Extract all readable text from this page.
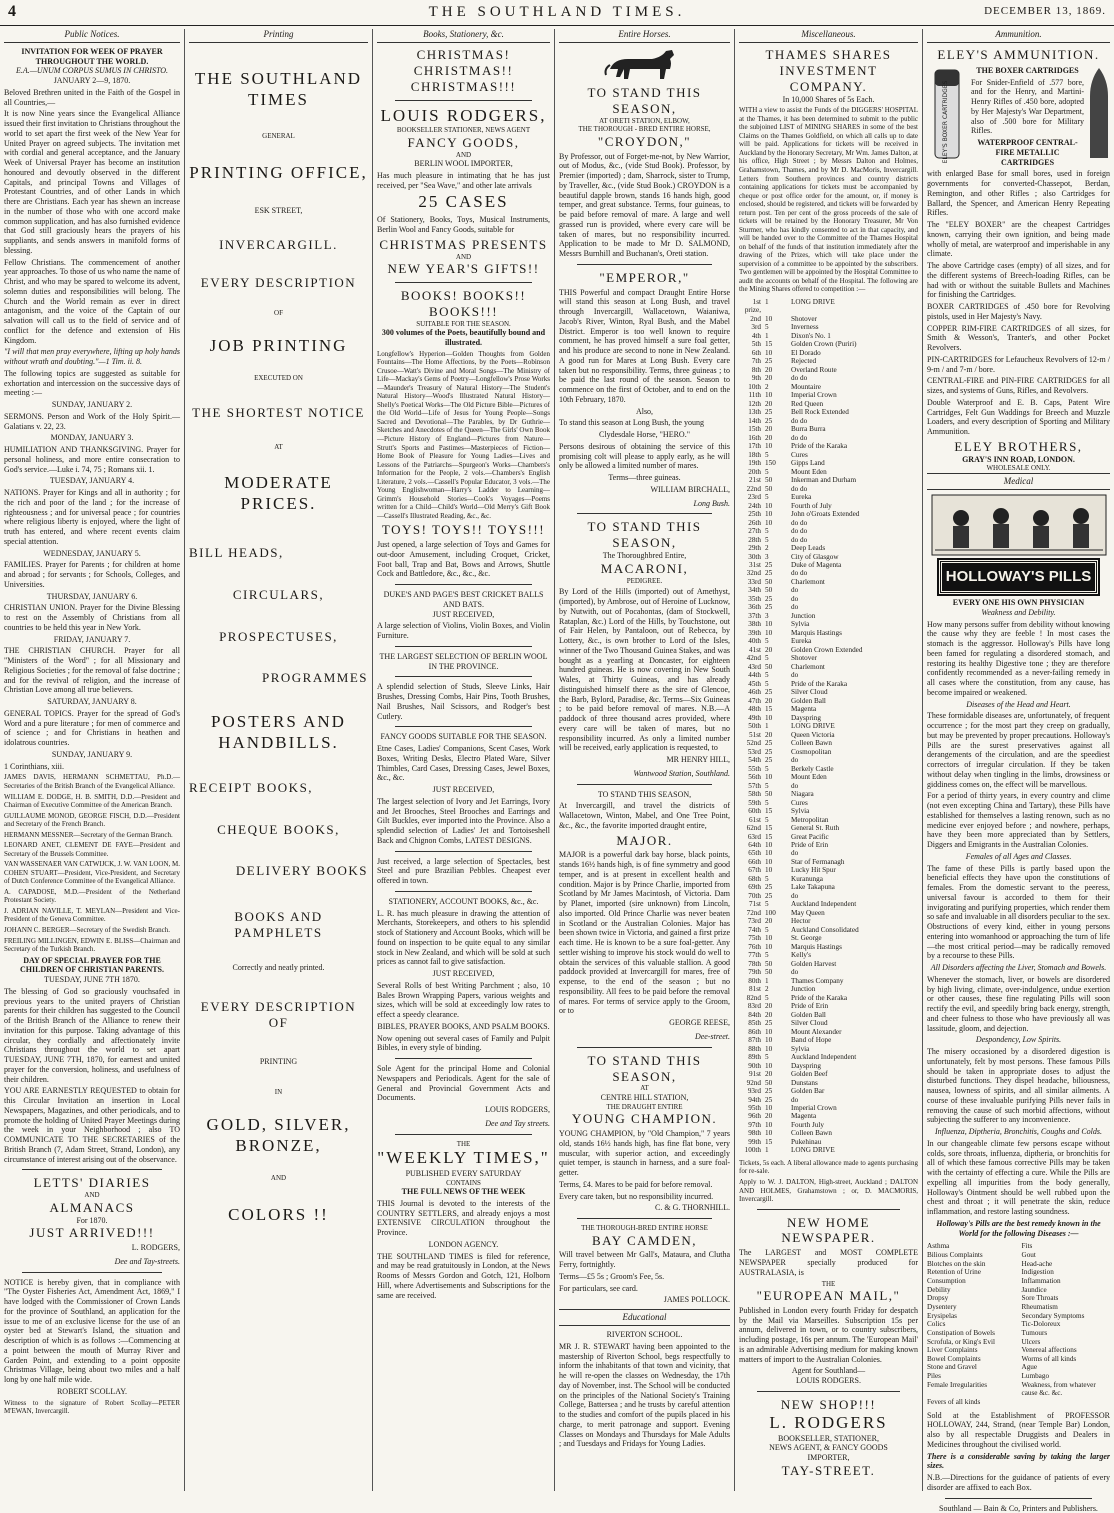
4	THE SOUTHLAND TIMES.	DECEMBER 13, 1869.
Public Notices.
INVITATION FOR WEEK OF PRAYER THROUGHOUT THE WORLD.
E.A.—UNUM CORPUS SUMUS IN CHRISTO.
JANUARY 2—9, 1870.
Beloved Brethren united in the Faith of the Gospel in all Countries,—
It is now Nine years since the Evangelical Alliance issued their first invitation to Christians throughout the world to set apart the first week of the New Year for United Prayer on agreed subjects. The invitation met with cordial and general acceptance, and the January Week of Universal Prayer has become an institution honoured and devoutly observed in the different Capitals, and principal Towns and Villages of Protestant Countries, and of other Lands in which there are Christians. Each year has shewn an increase in the number of those who with one accord make common supplication, and has also furnished evidence that God still graciously hears the prayers of his suppliants, and sends answers in manifold forms of blessing.
Fellow Christians. The commencement of another year approaches. To those of us who name the name of Christ, and who may be spared to welcome its advent, solemn duties and responsibilities will belong. The Church and the World remain as ever in direct antagonism, and the voice of the Captain of our salvation will call us to the field of service and of conflict for the defence and extension of His Kingdom.
"I will that men pray everywhere, lifting up holy hands without wrath and doubting."—1 Tim. ii. 8.
The following topics are suggested as suitable for exhortation and intercession on the successive days of meeting :—
SUNDAY, JANUARY 2.
SERMONS. Person and Work of the Holy Spirit.—Galatians v. 22, 23.
MONDAY, JANUARY 3.
HUMILIATION AND THANKSGIVING. Prayer for personal holiness, and more entire consecration to God's service.—Luke i. 74, 75 ; Romans xii. 1.
TUESDAY, JANUARY 4.
NATIONS. Prayer for Kings and all in authority ; for the rich and poor of the land ; for the increase of righteousness ; and for universal peace ; for countries where religious liberty is enjoyed, where the light of truth has entered, and where recent events claim special attention.
WEDNESDAY, JANUARY 5.
FAMILIES. Prayer for Parents ; for children at home and abroad ; for servants ; for Schools, Colleges, and Universities.
THURSDAY, JANUARY 6.
CHRISTIAN UNION. Prayer for the Divine Blessing to rest on the Assembly of Christians from all countries to be held this year in New York.
FRIDAY, JANUARY 7.
THE CHRISTIAN CHURCH. Prayer for all "Ministers of the Word" ; for all Missionary and Religious Societies ; for the removal of false doctrine ; and for the revival of religion, and the increase of Christian Love among all true believers.
SATURDAY, JANUARY 8.
GENERAL TOPICS. Prayer for the spread of God's Word and a pure literature ; for men of commerce and of science ; and for Christians in heathen and idolatrous countries.
SUNDAY, JANUARY 9.
1 Corinthians, xiii.
JAMES DAVIS, HERMANN SCHMETTAU, Ph.D.—Secretaries of the British Branch of the Evangelical Alliance.
WILLIAM E. DODGE, H. B. SMITH, D.D.—President and Chairman of Executive Committee of the American Branch.
GUILLAUME MONOD, GEORGE FISCH, D.D.—President and Secretary of the French Branch.
HERMANN MESSNER—Secretary of the German Branch.
LEONARD ANET, CLEMENT DE FAYE—President and Secretary of the Brussels Committee.
VAN WASSENAER VAN CATWIJCK, J. W. VAN LOON, M. COHEN STUART—President, Vice-President, and Secretary of Dutch Conference Committee of the Evangelical Alliance.
A. CAPADOSE, M.D.—President of the Netherland Protestant Society.
J. ADRIAN NAVILLE, T. MEYLAN—President and Vice-President of the Geneva Committee.
JOHANN C. BERGER—Secretary of the Swedish Branch.
FREILING MILLINGEN, EDWIN E. BLISS—Chairman and Secretary of the Turkish Branch.
DAY OF SPECIAL PRAYER FOR THE CHILDREN OF CHRISTIAN PARENTS.
TUESDAY, JUNE 7TH 1870.
The blessing of God so graciously vouchsafed in previous years to the united prayers of Christian parents for their children has suggested to the Council of the British Branch of the Alliance to renew their invitation for this purpose. Taking advantage of this circular, they cordially and affectionately invite Christians throughout the world to set apart TUESDAY, JUNE 7TH, 1870, for earnest and united prayer for the conversion, holiness, and usefulness of their children.
YOU ARE EARNESTLY REQUESTED to obtain for this Circular Invitation an insertion in Local Newspapers, Magazines, and other periodicals, and to promote the holding of United Prayer Meetings during the week in your Neighborhood ; also TO COMMUNICATE TO THE SECRETARIES of the British Branch (7, Adam Street, Strand, London), any circumstance of interest arising out of the observance.
LETTS' DIARIES
AND
ALMANACS
For 1870.
JUST ARRIVED!!!
L. RODGERS,
Dee and Tay-streets.
NOTICE is hereby given, that in compliance with "The Oyster Fisheries Act, Amendment Act, 1869," I have lodged with the Commissioner of Crown Lands for the province of Southland, an application for the issue to me of an exclusive license for the use of an oyster bed at Stewart's Island, the situation and description of which is as follows :—Commencing at a point between the mouth of Murray River and Garden Point, and extending to a point opposite Christmas Village, being about two miles and a half long by one half mile wide.
ROBERT SCOLLAY.
Witness to the signature of Robert Scollay—PETER M'EWAN, Invercargill.
Printing
THE SOUTHLAND TIMES
GENERAL
PRINTING OFFICE,
ESK STREET,
INVERCARGILL.
EVERY DESCRIPTION
OF
JOB PRINTING
EXECUTED ON
THE SHORTEST NOTICE
AT
MODERATE PRICES.
BILL HEADS,
CIRCULARS,
PROSPECTUSES,
PROGRAMMES
POSTERS AND HANDBILLS.
RECEIPT BOOKS,
CHEQUE BOOKS,
DELIVERY BOOKS
BOOKS AND PAMPHLETS
Correctly and neatly printed.
EVERY DESCRIPTION OF
PRINTING
IN
GOLD, SILVER, BRONZE,
AND
COLORS !!
Books, Stationery, &c.
CHRISTMAS! CHRISTMAS!! CHRISTMAS!!!
LOUIS RODGERS,
BOOKSELLER STATIONER, NEWS AGENT
FANCY GOODS,
AND
BERLIN WOOL IMPORTER,
Has much pleasure in intimating that he has just received, per "Sea Wave," and other late arrivals
25 CASES
Of Stationery, Books, Toys, Musical Instruments, Berlin Wool and Fancy Goods, suitable for
CHRISTMAS PRESENTS
AND
NEW YEAR'S GIFTS!!
BOOKS! BOOKS!! BOOKS!!!
SUITABLE FOR THE SEASON.
300 volumes of the Poets, beautifully bound and illustrated.
Longfellow's Hyperion—Golden Thoughts from Golden Fountains—The Home Affections, by the Poets—Robinson Crusoe—Watt's Divine and Moral Songs—The Ministry of Life—Mackay's Gems of Poetry—Longfellow's Prose Works—Maunder's Treasury of Natural History—The Student's Natural History—Wood's Illustrated Natural History—Shelly's Poetical Works—The Old Picture Bible—Pictures of the Old World—Life of Jesus for Young People—Songs Sacred and Devotional—The Parables, by Dr Guthrie—Sketches and Anecdotes of the Queen—The Girls' Own Book—Picture History of England—Pictures from Nature—Strutt's Sports and Pastimes—Masterpieces of Fiction—Home Book of Pleasure for Young Ladies—Lives and Lessons of the Patriarchs—Spurgeon's Works—Chambers's Information for the People, 2 vols.—Chambers's English Literature, 2 vols.—Cassell's Popular Educator, 3 vols.—The Young Englishwoman—Harry's Ladder to Learning—Grimm's Household Stories—Cook's Voyages—Poems written for a Child—Child's World—Old Merry's Gift Book—Cassell's Illustrated Reading, &c., &c.
TOYS! TOYS!! TOYS!!!
Just opened, a large selection of Toys and Games for out-door Amusement, including Croquet, Cricket, Foot ball, Trap and Bat, Bows and Arrows, Shuttle Cock and Battledore, &c., &c., &c.
DUKE'S AND PAGE'S BEST CRICKET BALLS AND BATS.
JUST RECEIVED,
A large selection of Violins, Violin Boxes, and Violin Furniture.
THE LARGEST SELECTION OF BERLIN WOOL IN THE PROVINCE.
A splendid selection of Studs, Sleeve Links, Hair Brushes, Dressing Combs, Hair Pins, Tooth Brushes, Nail Brushes, Nail Scissors, and Rodger's best Cutlery.
FANCY GOODS SUITABLE FOR THE SEASON.
Etne Cases, Ladies' Companions, Scent Cases, Work Boxes, Writing Desks, Electro Plated Ware, Silver Thimbles, Card Cases, Dressing Cases, Jewel Boxes, &c., &c.
JUST RECEIVED,
The largest selection of Ivory and Jet Earrings, Ivory and Jet Brooches, Steel Brooches and Earrings and Gilt Buckles, ever imported into the Province. Also a splendid selection of Ladies' Jet and Tortoiseshell Back and Chignon Combs, LATEST DESIGNS.
Just received, a large selection of Spectacles, best Steel and pure Brazilian Pebbles. Cheapest ever offered in town.
STATIONERY, ACCOUNT BOOKS, &c., &c.
L. R. has much pleasure in drawing the attention of Merchants, Storekeepers, and others to his splendid stock of Stationery and Account Books, which will be found on inspection to be quite equal to any similar stock in New Zealand, and which will be sold at such prices as cannot fail to give satisfaction.
JUST RECEIVED,
Several Rolls of best Writing Parchment ; also, 10 Bales Brown Wrapping Papers, various weights and sizes, which will be sold at exceedingly low rates to effect a speedy clearance.
BIBLES, PRAYER BOOKS, AND PSALM BOOKS.
Now opening out several cases of Family and Pulpit Bibles, in every style of binding.
Sole Agent for the principal Home and Colonial Newspapers and Periodicals. Agent for the sale of General and Provincial Government Acts and Documents.
LOUIS RODGERS,
Dee and Tay streets.
THE
"WEEKLY TIMES,"
PUBLISHED EVERY SATURDAY
CONTAINS
THE FULL NEWS OF THE WEEK
THIS Journal is devoted to the interests of the COUNTRY SETTLERS, and already enjoys a most EXTENSIVE CIRCULATION throughout the Province.
LONDON AGENCY.
THE SOUTHLAND TIMES is filed for reference, and may be read gratuitously in London, at the News Rooms of Messrs Gordon and Gotch, 121, Holborn Hill, where Advertisements and Subscriptions for the same are received.
Entire Horses.
TO STAND THIS SEASON,
AT ORETI STATION, ELBOW,
THE THOROUGH - BRED ENTIRE HORSE,
"CROYDON,"
By Professor, out of Forget-me-not, by New Warrior, out of Modus, &c., (vide Stud Book). Professor, by Premier (imported) ; dam, Sharrock, sister to Trump, by Traveller, &c., (vide Stud Book.) CROYDON is a beautiful dapple brown, stands 16 hands high, good temper, and great substance. Terms, four guineas, to be paid before removal of mare. A large and well grassed run is provided, where every care will be taken of mares, but no responsibility incurred. Application to be made to Mr D. SALMOND, Messrs Burnhill and Buchanan's, Oreti station.
"EMPEROR,"
THIS Powerful and compact Draught Entire Horse will stand this season at Long Bush, and travel through Invercargill, Wallacetown, Waianiwa, Jacob's River, Winton, Ryal Bush, and the Mabel District. Emperor is too well known to require comment, he has proved himself a sure foal getter, and his produce are second to none in New Zealand. A good run for Mares at Long Bush. Every care taken but no responsibility. Terms, three guineas ; to be paid the last round of the season. Season to commence on the first of October, and to end on the 10th February, 1870.
Also,
To stand this season at Long Bush, the young
Clydesdale Horse, "HERO."
Persons desirous of obtaining the service of this promising colt will please to apply early, as he will only be allowed a limited number of mares.
Terms—three guineas.
WILLIAM BIRCHALL,
Long Bush.
TO STAND THIS SEASON,
The Thoroughbred Entire,
MACARONI,
PEDIGREE.
By Lord of the Hills (imported) out of Amethyst, (imported), by Ambrose, out of Heroine of Lucknow, by Nutwith, out of Pocahontas, (dam of Stockwell, Rataplan, &c.) Lord of the Hills, by Touchstone, out of Fair Helen, by Pantaloon, out of Rebecca, by Lottery, &c., is own brother to Lord of the Isles, winner of the Two Thousand Guinea Stakes, and was bought as a yearling at Doncaster, for eighteen hundred guineas. He is now covering in New South Wales, at Thirty Guineas, and has already distinguished himself there as the sire of Glencoe, the Barb, Bylord, Paradise, &c. Terms—Six Guineas ; to be paid before removal of mares. N.B.—A paddock of three thousand acres provided, where every care will be taken of mares, but no responsibility incurred. As only a limited number will be received, early application is requested, to
MR HENRY HILL,
Wantwood Station, Southland.
TO STAND THIS SEASON,
At Invercargill, and travel the districts of Wallacetown, Winton, Mabel, and One Tree Point, &c., &c., the favorite imported draught entire,
MAJOR.
MAJOR is a powerful dark bay horse, black points, stands 16½ hands high, is of fine symmetry and good temper, and is at present in excellent health and condition. Major is by Prince Charlie, imported from Scotland by Mr James Macintosh, of Victoria. Dam by Planet, imported (sire unknown) from Lincoln, also imported. Old Prince Charlie was never beaten in Scotland or the Australian Colonies. Major has been shown twice in Victoria, and gained a first prize each time. He is known to be a sure foal-getter. Any settler wishing to improve his stock would do well to obtain the services of this valuable stallion. A good paddock provided at Invercargill for mares, free of expense, to the end of the season ; but no responsibility. All fees to be paid before the removal of mares. For terms of service apply to the Groom, or to
GEORGE REESE,
Dee-street.
TO STAND THIS SEASON,
AT
CENTRE HILL STATION,
THE DRAUGHT ENTIRE
YOUNG CHAMPION.
YOUNG CHAMPION, by "Old Champion," 7 years old, stands 16½ hands high, has fine flat bone, very muscular, with superior action, and exceedingly quiet temper, is staunch in harness, and a sure foal-getter.
Terms, £4. Mares to be paid for before removal.
Every care taken, but no responsibility incurred.
C. & G. THORNHILL.
THE THOROUGH-BRED ENTIRE HORSE
BAY CAMDEN,
Will travel between Mr Gall's, Mataura, and Clutha Ferry, fortnightly.
Terms—£5 5s ; Groom's Fee, 5s.
For particulars, see card.
JAMES POLLOCK.
Educational
RIVERTON SCHOOL.
MR J. R. STEWART having been appointed to the mastership of Riverton School, begs respectfully to inform the inhabitants of that town and vicinity, that he will re-open the classes on Wednesday, the 17th day of November, inst. The School will be conducted on the principles of the National Society's Training College, Battersea ; and he trusts by careful attention to the studies and comfort of the pupils placed in his charge, to merit patronage and support. Evening Classes on Mondays and Thursdays for Male Adults ; and Tuesdays and Fridays for Young Ladies.
Miscellaneous.
THAMES SHARES INVESTMENT COMPANY.
In 10,000 Shares of 5s Each.
WITH a view to assist the Funds of the DIGGERS' HOSPITAL at the Thames, it has been determined to submit to the public the subjoined LIST of MINING SHARES in some of the best Claims on the Thames Goldfield, on which all calls up to date will be paid. Applications for tickets will be received in Auckland by the Honorary Secretary, Mr Wm. James Dalton, at his office, High Street ; by Messrs Dalton and Holmes, Grahamstown, Thames, and by Mr D. MacMoris, Invercargill. Letters from Southern provinces and country districts containing applications for tickets must be accompanied by cheque or post office order for the amount, or, if money is enclosed, should be registered, and tickets will be forwarded by return post. Ten per cent of the gross proceeds of the sale of tickets will be retained by the Honorary Treasurer, Mr Von Sturmer, who has kindly consented to act in that capacity, and will be handed over to the Committee of the Thames Hospital on behalf of the funds of that institution immediately after the drawing of the Prizes, which will take place under the supervision of a committee to be appointed by the subscribers. Two gentlemen will be appointed by the Hospital Committee to audit the accounts on behalf of the Hospital. The following are the Mining Shares offered to competition :—
1st prize,
1	LONG DRIVE
2nd 10	Shotover
3rd 5	Inverness
4th 1	Dixon's No. 1
5th 15	Golden Crown (Puriri)
6th 10	El Dorado
7th 25	Rejected
8th 20	Overland Route
9th 20	do do
10th 2	Mountaire
11th 10	Imperial Crown
12th 20	Red Queen
13th 25	Bell Rock Extended
14th 25	do do
15th 20	Burra Burra
16th 20	do do
17th 10	Pride of the Karaka
18th 5	Cures
19th 150	Gipps Land
20th 5	Mount Eden
21st 50	Inkerman and Durham
22nd 50	do do
23rd 5	Eureka
24th 10	Fourth of July
25th 10	John o'Groats Extended
26th 10	do do
27th 5	do do
28th 5	do do
29th 2	Deep Leads
30th 3	City of Glasgow
31st 25	Duke of Magenta
32nd 25	do do
33rd 50	Charlemont
34th 50	do
35th 25	do
36th 25	do
37th 3	Junction
38th 10	Sylvia
39th 10	Marquis Hastings
40th 5	Eureka
41st 20	Golden Crown Extended
42nd 5	Shotover
43rd 50	Charlemont
44th 5	do
45th 5	Pride of the Karaka
46th 25	Silver Cloud
47th 20	Golden Ball
48th 15	Magenta
49th 10	Dayspring
50th 1	LONG DRIVE
51st 20	Queen Victoria
52nd 25	Colleen Bawn
53rd 25	Cosmopolitan
54th 25	do
55th 5	Berkely Castle
56th 10	Mount Eden
57th 5	do
58th 50	Niagara
59th 5	Cures
60th 15	Sylvia
61st 5	Metropolitan
62nd 15	General St. Ruth
63rd 15	Great Pacific
64th 10	Pride of Erin
65th 10	do
66th 10	Star of Fermanagh
67th 10	Lucky Hit Spur
68th 5	Kuranunga
69th 25	Lake Takapuna
70th 25	do
71st 5	Auckland Independent
72nd 100	May Queen
73rd 20	Hector
74th 5	Auckland Consolidated
75th 10	St. George
76th 10	Marquis Hastings
77th 5	Kelly's
78th 50	Golden Harvest
79th 50	do
80th 1	Thames Company
81st 2	Junction
82nd 5	Pride of the Karaka
83rd 20	Pride of Erin
84th 20	Golden Ball
85th 25	Silver Cloud
86th 10	Mount Alexander
87th 10	Band of Hope
88th 10	Sylvia
89th 5	Auckland Independent
90th 10	Dayspring
91st 20	Golden Beef
92nd 50	Dunstans
93rd 25	Golden Bar
94th 25	do
95th 10	Imperial Crown
96th 20	Magenta
97th 10	Fourth July
98th 10	Colleen Bawn
99th 15	Pukehinau
100th 1	LONG DRIVE
Tickets, 5s each. A liberal allowance made to agents purchasing for re-sale.
Apply to W. J. DALTON, High-street, Auckland ; DALTON AND HOLMES, Grahamstown ; or, D. MACMORIS, Invercargill.
NEW HOME NEWSPAPER.
The LARGEST and MOST COMPLETE NEWSPAPER specially produced for AUSTRALASIA, is
THE
"EUROPEAN MAIL,"
Published in London every fourth Friday for despatch by the Mail via Marseilles. Subscription 15s per annum, delivered in town, or to country subscribers, including postage, 16s per annum. The 'European Mail' is an admirable Advertising medium for making known matters of import to the Australian Colonies.
Agent for Southland—
LOUIS RODGERS.
NEW SHOP!!!
L. RODGERS
BOOKSELLER, STATIONER,
NEWS AGENT, & FANCY GOODS
IMPORTER,
TAY-STREET.
Ammunition.
ELEY'S AMMUNITION.
ELEY'S BOXER CARTRIDGES
THE BOXER CARTRIDGES
For Snider-Enfield of .577 bore, and for the Henry, and Martini-Henry Rifles of .450 bore, adopted by Her Majesty's War Department, also of .500 bore for Military Rifles.
WATERPROOF CENTRAL-FIRE METALLIC CARTRIDGES
with enlarged Base for small bores, used in foreign governments for converted-Chassepot, Berdan, Remington, and other Rifles ; also Cartridges for Ballard, the Spencer, and American Henry Repeating Rifles.
The "ELEY BOXER" are the cheapest Cartridges known, carrying their own ignition, and being made wholly of metal, are waterproof and imperishable in any climate.
The above Cartridge cases (empty) of all sizes, and for the different systems of Breech-loading Rifles, can be had with or without the suitable Bullets and Machines for finishing the Cartridges.
BOXER CARTRIDGES of .450 bore for Revolving pistols, used in Her Majesty's Navy.
COPPER RIM-FIRE CARTRIDGES of all sizes, for Smith & Wesson's, Tranter's, and other Pocket Revolvers.
PIN-CARTRIDGES for Lefaucheux Revolvers of 12-m / 9-m / and 7-m / bore.
CENTRAL-FIRE and PIN-FIRE CARTRIDGES for all sizes, and systems of Guns, Rifles, and Revolvers.
Double Waterproof and E. B. Caps, Patent Wire Cartridges, Felt Gun Waddings for Breech and Muzzle Loaders, and every description of Sporting and Military Ammunition.
ELEY BROTHERS,
GRAY'S INN ROAD, LONDON.
WHOLESALE ONLY.
Medical
HOLLOWAY'S PILLS
EVERY ONE HIS OWN PHYSICIAN
Weakness and Debility.
How many persons suffer from debility without knowing the cause why they are feeble ! In most cases the stomach is the aggressor. Holloway's Pills have long been famed for regulating a disordered stomach, and restoring its healthy Digestive tone ; they are therefore confidently recommended as a never-failing remedy in all cases where the constitution, from any cause, has become impaired or weakened.
Diseases of the Head and Heart.
These formidable diseases are, unfortunately, of frequent occurrence ; for the most part they creep on gradually, but may be prevented by proper precautions. Holloway's Pills are the surest preservatives against all derangements of the circulation, and are the speediest correctors of irregular circulation. If they be taken without delay when tingling in the limbs, drowsiness or giddiness comes on, the effect will be marvellous.
For a period of thirty years, in every country and clime (not even excepting China and Tartary), these Pills have established for themselves a lasting renown, such as no medicine ever enjoyed before ; and nowhere, perhaps, have they been more appreciated than by Settlers, Diggers and Emigrants in the Australian Colonies.
Females of all Ages and Classes.
The fame of these Pills is partly based upon the beneficial effects they have upon the constitutions of females. From the domestic servant to the peeress, universal favour is accorded to them for their invigorating and purifying properties, which render them so safe and invaluable in all disorders peculiar to the sex. Obstructions of every kind, either in young persons entering into womanhood or approaching the turn of life —the most critical period—may be radically removed by a recourse to these Pills.
All Disorders affecting the Liver, Stomach and Bowels.
Whenever the stomach, liver, or bowels are disordered by high living, climate, over-indulgence, undue exertion or other causes, these fine regulating Pills will soon rectify the evil, and speedily bring back energy, strength, and cheer fulness to those who have previously all was lassitude, gloom, and dejection.
Despondency, Low Spirits.
The misery occasioned by a disordered digestion is unfortunately, felt by most persons. These famous Pills should be taken in appropriate doses to adjust the disturbed functions. They dispel headache, biliousness, nausea, lowness of spirits, and all similar ailments. A course of these invaluable purifying Pills never fails in removing the cause of such morbid affections, without subjecting the sufferer to any inconvenience.
Influenza, Diptheria, Bronchitis, Coughs and Colds.
In our changeable climate few persons escape without colds, sore throats, influenza, diptheria, or bronchitis for all of which these famous corrective Pills may be taken with the certainty of effecting a cure. While the Pills are expelling all impurities from the body generally, Holloway's Ointment should be well rubbed upon the chest and throat ; it will penetrate the skin, reduce inflammation, and restore lasting soundness.
Holloway's Pills are the best remedy known in the World for the following Diseases :—
Asthma	Fits
Bilious Complaints	Gout
Blotches on the skin	Head-ache
Retention of Urine	Indigestion
Consumption	Inflammation
Debility	Jaundice
Dropsy	Sore Throats
Dysentery	Rheumatism
Erysipelas	Secondary Symptoms
Colics	Tic-Doloreux
Constipation of Bowels	Tumours
Scrofula, or King's Evil	Ulcers
Liver Complaints	Venereal affections
Bowel Complaints	Worms of all kinds
Stone and Gravel	Ague
Piles	Lumbago
Female Irregularities	Weakness, from whatever cause &c. &c.
Fevers of all kinds
Sold at the Establishment of PROFESSOR HOLLOWAY, 244, Strand, (near Temple Bar) London, also by all respectable Druggists and Dealers in Medicines throughout the civilised world.
There is a considerable saving by taking the larger sizes.
N.B.—Directions for the guidance of patients of every disorder are affixed to each Box.
Southland — Bain & Co, Printers and Publishers.
